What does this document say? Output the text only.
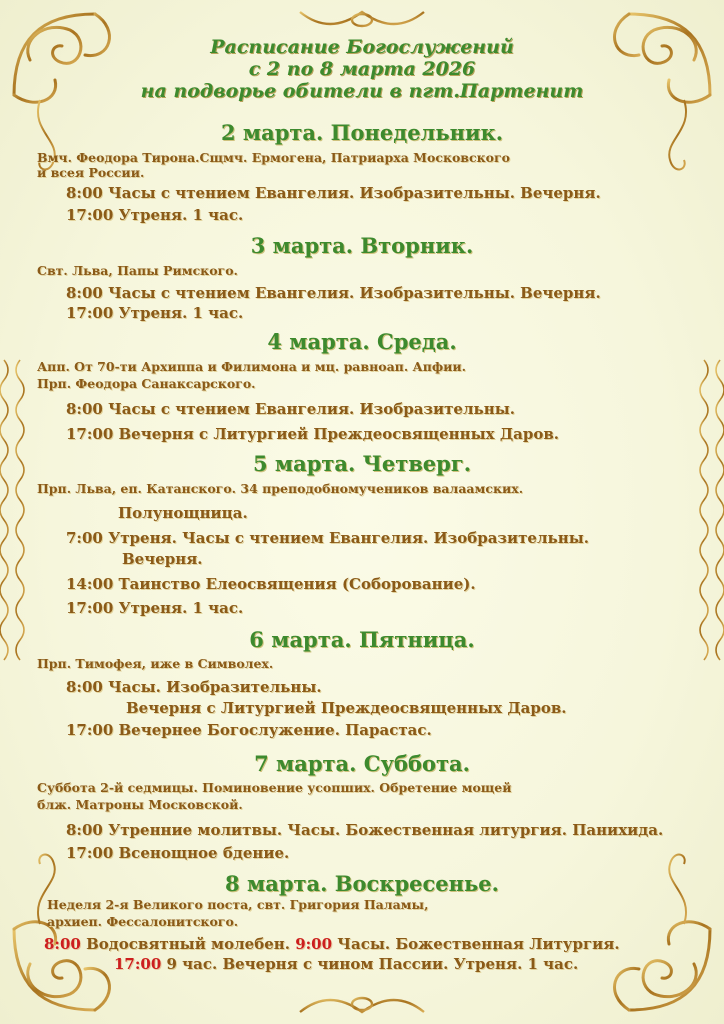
Расписание Богослужений
с 2 по 8 марта 2026
на подворье обители в пгт.Партенит
2 марта. Понедельник.
Вмч. Феодора Тирона.Сщмч. Ермогена, Патриарха Московского
и всея России.
8:00 Часы с чтением Евангелия. Изобразительны. Вечерня.
17:00 Утреня. 1 час.
3 марта. Вторник.
Свт. Льва, Папы Римского.
8:00 Часы с чтением Евангелия. Изобразительны. Вечерня.
17:00 Утреня. 1 час.
4 марта. Среда.
Апп. От 70-ти Архиппа и Филимона и мц. равноап. Апфии.
Прп. Феодора Санаксарского.
8:00 Часы с чтением Евангелия. Изобразительны.
17:00 Вечерня с Литургией Преждеосвященных Даров.
5 марта. Четверг.
Прп. Льва, еп. Катанского. 34 преподобномучеников валаамских.
Полунощница.
7:00 Утреня. Часы с чтением Евангелия. Изобразительны.
Вечерня.
14:00 Таинство Елеосвящения (Соборование).
17:00 Утреня. 1 час.
6 марта. Пятница.
Прп. Тимофея, иже в Символех.
8:00 Часы. Изобразительны.
Вечерня с Литургией Преждеосвященных Даров.
17:00 Вечернее Богослужение. Парастас.
7 марта. Суббота.
Суббота 2-й седмицы. Поминовение усопших. Обретение мощей
блж. Матроны Московской.
8:00 Утренние молитвы. Часы. Божественная литургия. Панихида.
17:00 Всенощное бдение.
8 марта. Воскресенье.
Неделя 2-я Великого поста, свт. Григория Паламы,
архиеп. Фессалонитского.
8:00 Водосвятный молебен. 9:00 Часы. Божественная Литургия.
17:00 9 час. Вечерня с чином Пассии. Утреня. 1 час.
